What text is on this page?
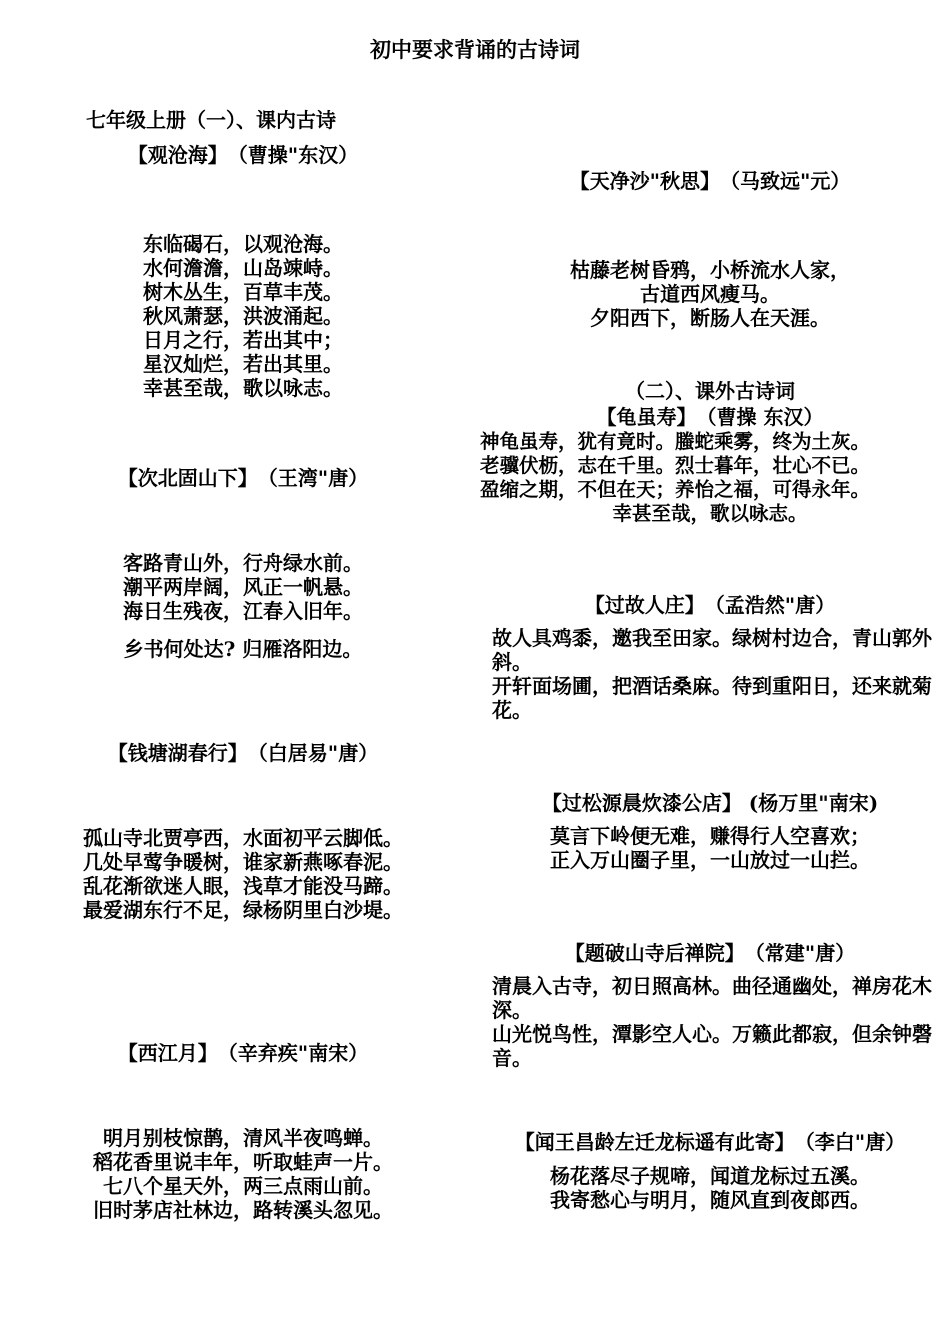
初中要求背诵的古诗词
七年级上册（一）、课内古诗
【观沧海】　（曹操"东汉）
东临碣石，以观沧海。
水何澹澹，山岛竦峙。
树木丛生，百草丰茂。
秋风萧瑟，洪波涌起。
日月之行，若出其中；
星汉灿烂，若出其里。
幸甚至哉，歌以咏志。
【次北固山下】　（王湾"唐）
客路青山外，行舟绿水前。
潮平两岸阔，风正一帆悬。
海日生残夜，江春入旧年。
乡书何处达? 归雁洛阳边。
【钱塘湖春行】　（白居易"唐）
孤山寺北贾亭西，水面初平云脚低。
几处早莺争暖树，谁家新燕啄春泥。
乱花渐欲迷人眼，浅草才能没马蹄。
最爱湖东行不足，绿杨阴里白沙堤。
【西江月】　（辛弃疾"南宋）
明月别枝惊鹊，清风半夜鸣蝉。
稻花香里说丰年，听取蛙声一片。
七八个星天外，两三点雨山前。
旧时茅店社林边，路转溪头忽见。
【天净沙"秋思】　（马致远"元）
枯藤老树昏鸦，小桥流水人家，
古道西风瘦马。
夕阳西下，断肠人在天涯。
（二）、课外古诗词
【龟虽寿】　（曹操 东汉）
神龟虽寿，犹有竟时。螣蛇乘雾，终为土灰。
老骥伏枥，志在千里。烈士暮年，壮心不已。
盈缩之期，不但在天；养怡之福，可得永年。
幸甚至哉，歌以咏志。
【过故人庄】　（孟浩然"唐）
故人具鸡黍，邀我至田家。绿树村边合，青山郭外斜。
开轩面场圃，把酒话桑麻。待到重阳日，还来就菊花。
【过松源晨炊漆公店】 (杨万里"南宋)
莫言下岭便无难，赚得行人空喜欢；
正入万山圈子里，一山放过一山拦。
【题破山寺后禅院】　（常建"唐）
清晨入古寺，初日照高林。曲径通幽处，禅房花木深。
山光悦鸟性，潭影空人心。万籁此都寂，但余钟磬音。
【闻王昌龄左迁龙标遥有此寄】　（李白"唐）
杨花落尽子规啼，闻道龙标过五溪。
我寄愁心与明月，随风直到夜郎西。
